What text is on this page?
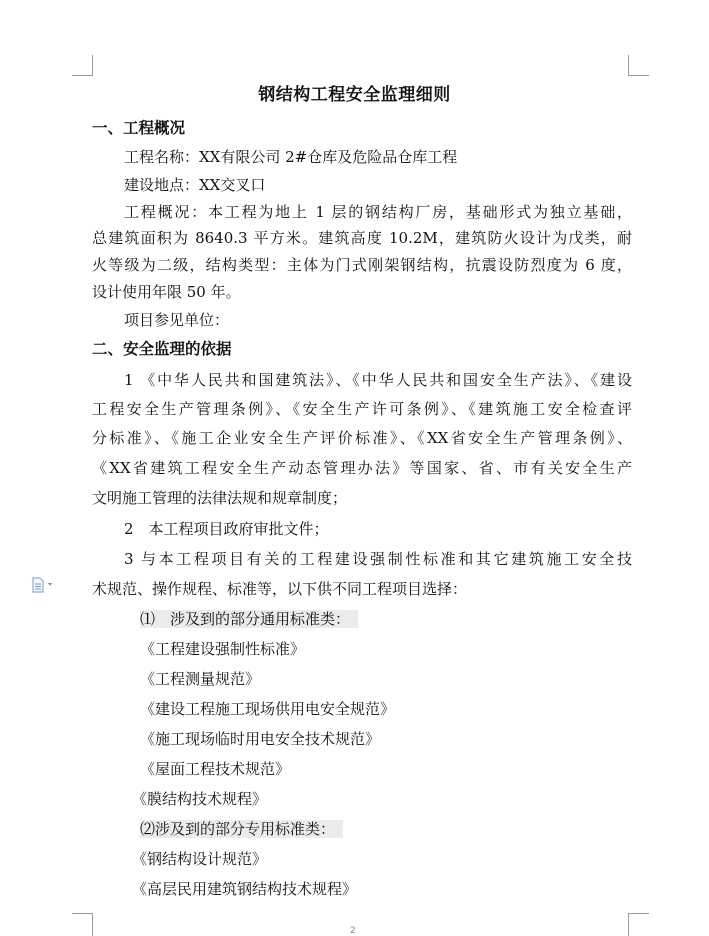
钢结构工程安全监理细则
一、工程概况
工程名称：XX有限公司 2#仓库及危险品仓库工程
建设地点：XX交叉口
工程概况：本工程为地上 1 层的钢结构厂房，基础形式为独立基础，
总建筑面积为 8640.3 平方米。建筑高度 10.2M，建筑防火设计为戊类，耐
火等级为二级，结构类型：主体为门式刚架钢结构，抗震设防烈度为 6 度，
设计使用年限 50 年。
项目参见单位：
二、安全监理的依据
1 《中华人民共和国建筑法》、《中华人民共和国安全生产法》、《建设
工程安全生产管理条例》、《安全生产许可条例》、《建筑施工安全检查评
分标准》、《施工企业安全生产评价标准》、《XX省安全生产管理条例》、
《XX省建筑工程安全生产动态管理办法》等国家、省、市有关安全生产
文明施工管理的法律法规和规章制度；
2　本工程项目政府审批文件；
3 与本工程项目有关的工程建设强制性标准和其它建筑施工安全技
术规范、操作规程、标准等，以下供不同工程项目选择：
⑴　涉及到的部分通用标准类：
《工程建设强制性标准》
《工程测量规范》
《建设工程施工现场供用电安全规范》
《施工现场临时用电安全技术规范》
《屋面工程技术规范》
《膜结构技术规程》
⑵涉及到的部分专用标准类：
《钢结构设计规范》
《高层民用建筑钢结构技术规程》
2
